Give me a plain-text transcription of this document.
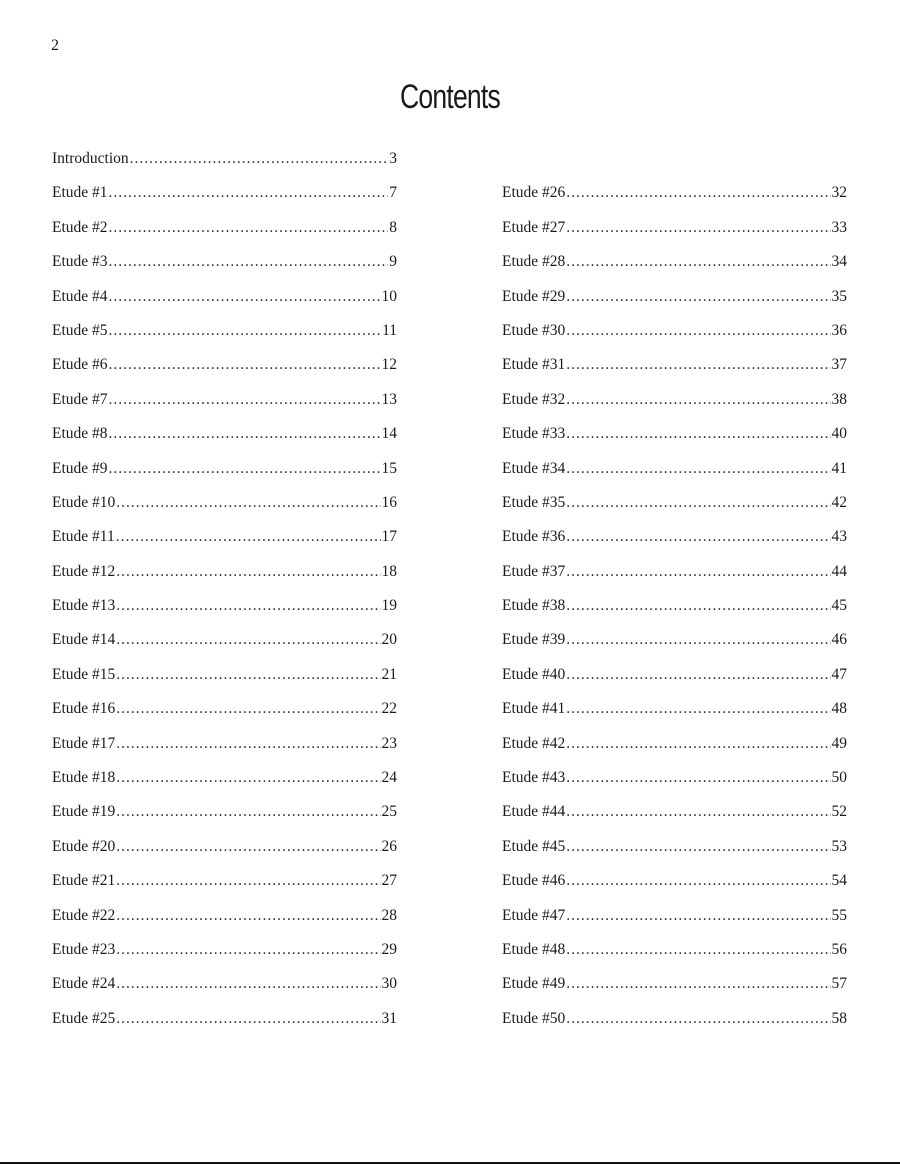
2
Contents
Introduction .....	3
Etude #1 .....	7
Etude #2 .....	8
Etude #3 .....	9
Etude #4 .....	10
Etude #5 .....	11
Etude #6 .....	12
Etude #7 .....	13
Etude #8 .....	14
Etude #9 .....	15
Etude #10 .....	16
Etude #11 .....	17
Etude #12 .....	18
Etude #13 .....	19
Etude #14 .....	20
Etude #15 .....	21
Etude #16 .....	22
Etude #17 .....	23
Etude #18 .....	24
Etude #19 .....	25
Etude #20 .....	26
Etude #21 .....	27
Etude #22 .....	28
Etude #23 .....	29
Etude #24 .....	30
Etude #25 .....	31
Etude #26 .....	32
Etude #27 .....	33
Etude #28 .....	34
Etude #29 .....	35
Etude #30 .....	36
Etude #31 .....	37
Etude #32 .....	38
Etude #33 .....	40
Etude #34 .....	41
Etude #35 .....	42
Etude #36 .....	43
Etude #37 .....	44
Etude #38 .....	45
Etude #39 .....	46
Etude #40 .....	47
Etude #41 .....	48
Etude #42 .....	49
Etude #43 .....	50
Etude #44 .....	52
Etude #45 .....	53
Etude #46 .....	54
Etude #47 .....	55
Etude #48 .....	56
Etude #49 .....	57
Etude #50 .....	58
